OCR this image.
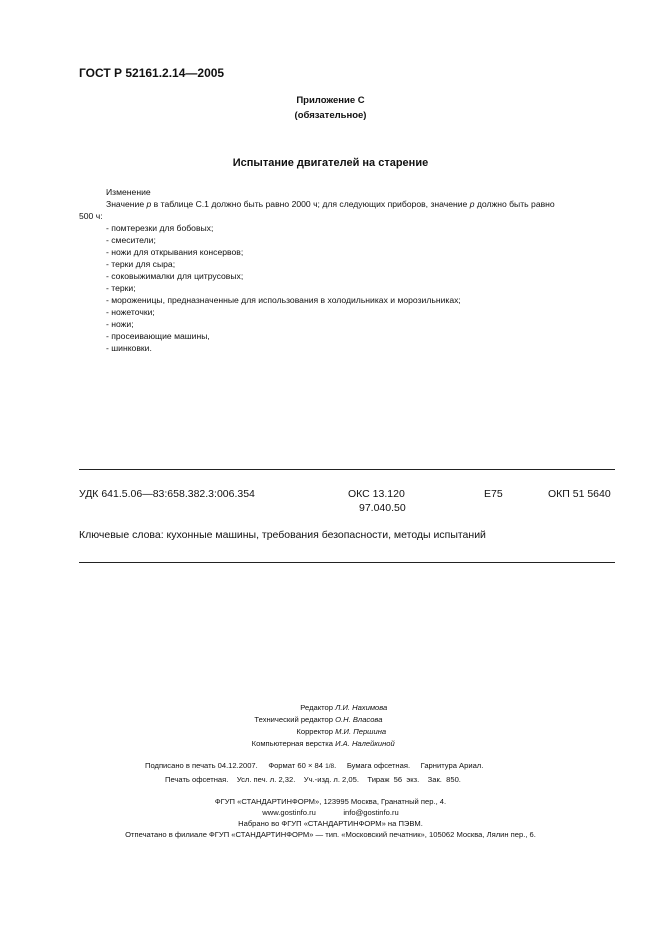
ГОСТ Р 52161.2.14—2005
Приложение С
(обязательное)
Испытание двигателей на старение
Изменение
Значение p в таблице С.1 должно быть равно 2000 ч; для следующих приборов, значение p должно быть равно
500 ч:
- помтерезки для бобовых;
- смесители;
- ножи для открывания консервов;
- терки для сыра;
- соковыжималки для цитрусовых;
- терки;
- мороженицы, предназначенные для использования в холодильниках и морозильниках;
- ножеточки;
- ножи;
- просеивающие машины,
- шинковки.
УДК 641.5.06—83:658.382.3:006.354	ОКС 13.120
97.040.50
Е75	ОКП 51 5640
Ключевые слова: кухонные машины, требования безопасности, методы испытаний
Редактор Л.И. Нахимова
Технический редактор О.Н. Власова
Корректор М.И. Першина
Компьютерная верстка И.А. Налейкиной
Подписано в печать 04.12.2007. Формат 60 × 84 1/8. Бумага офсетная. Гарнитура Ариал.
Печать офсетная.    Усл. печ. л. 2,32.    Уч.-изд. л. 2,05.    Тираж  56  экз.    Зак.  850.
ФГУП «СТАНДАРТИНФОРМ», 123995 Москва, Гранатный пер., 4.
www.gostinfo.ru	info@gostinfo.ru
Набрано во ФГУП «СТАНДАРТИНФОРМ» на ПЭВМ.
Отпечатано в филиале ФГУП «СТАНДАРТИНФОРМ» — тип. «Московский печатник», 105062 Москва, Лялин пер., 6.
